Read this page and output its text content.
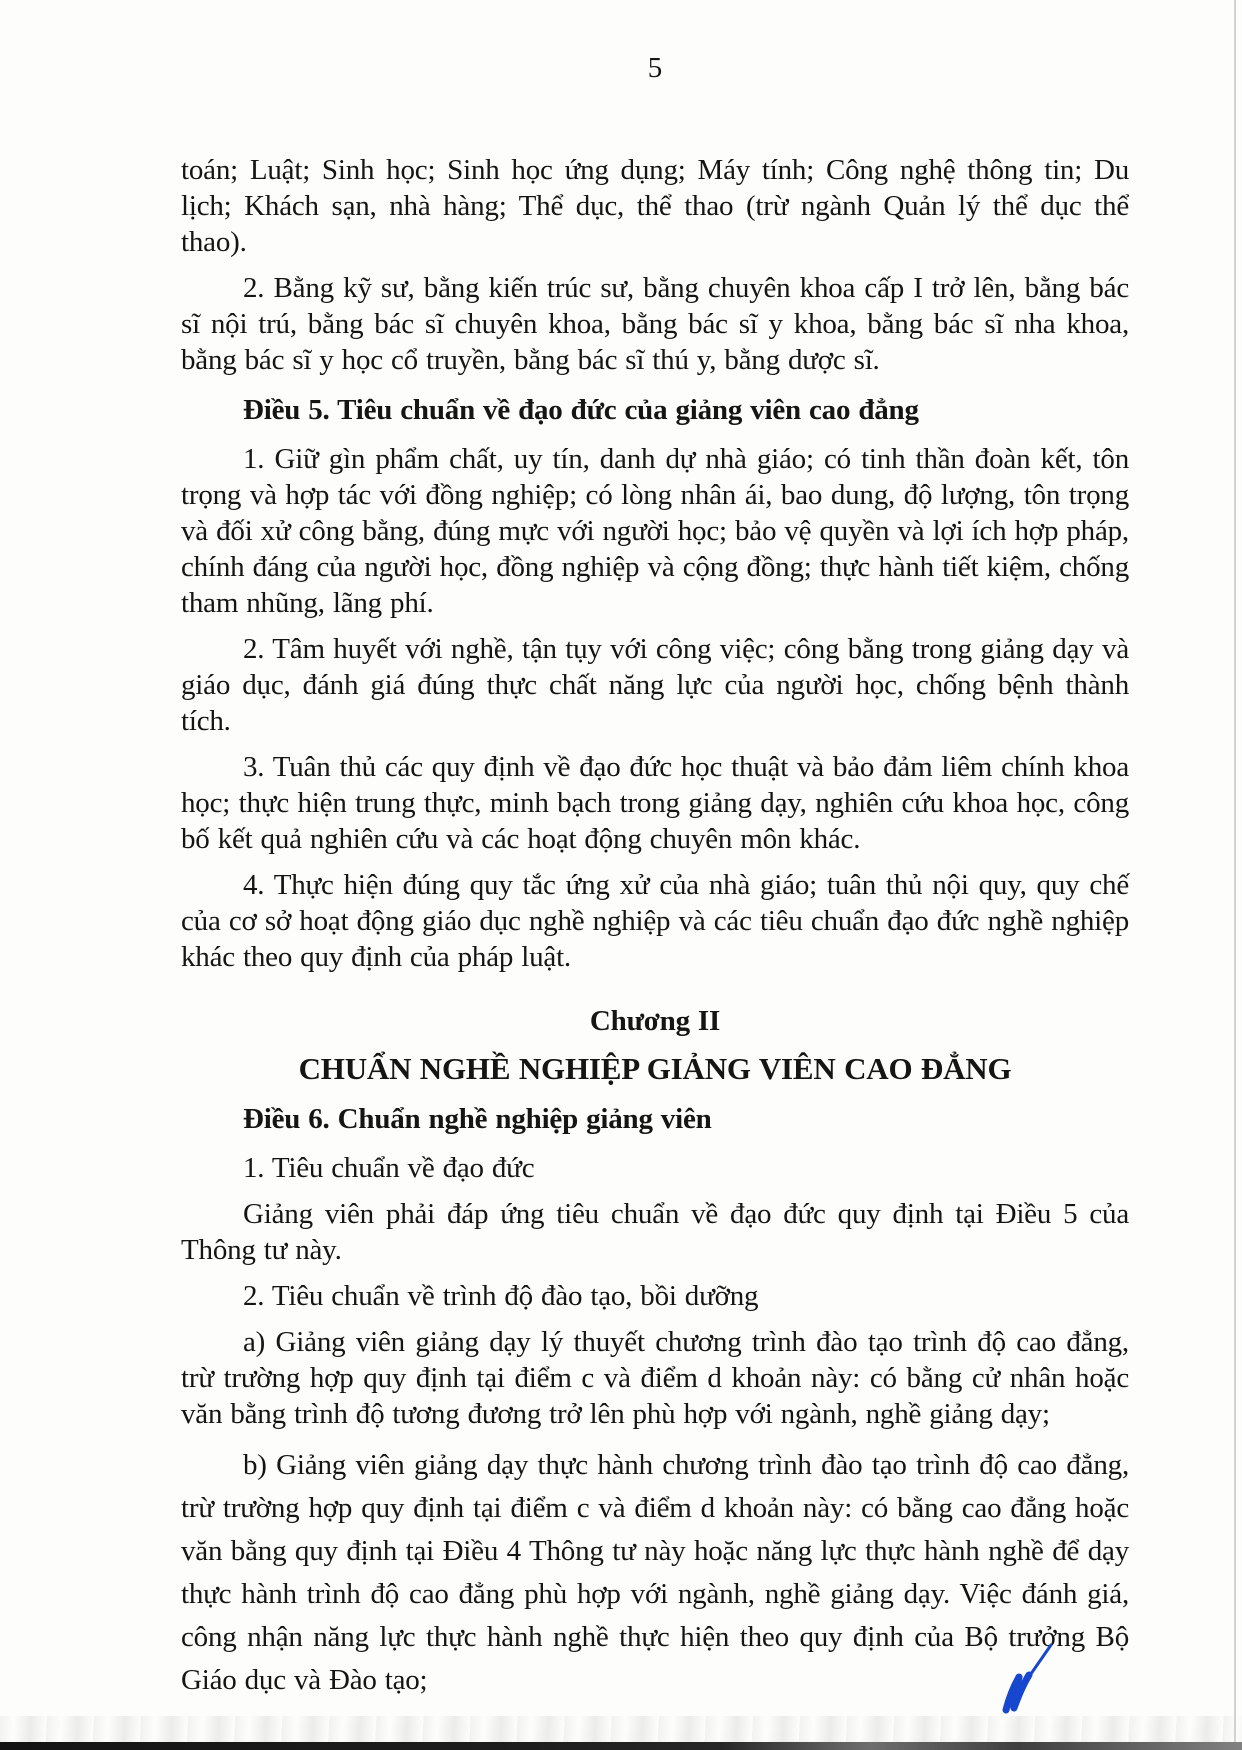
5

toán; Luật; Sinh học; Sinh học ứng dụng; Máy tính; Công nghệ thông tin; Du lịch; Khách sạn, nhà hàng; Thể dục, thể thao (trừ ngành Quản lý thể dục thể thao).

2. Bằng kỹ sư, bằng kiến trúc sư, bằng chuyên khoa cấp I trở lên, bằng bác sĩ nội trú, bằng bác sĩ chuyên khoa, bằng bác sĩ y khoa, bằng bác sĩ nha khoa, bằng bác sĩ y học cổ truyền, bằng bác sĩ thú y, bằng dược sĩ.

Điều 5. Tiêu chuẩn về đạo đức của giảng viên cao đẳng

1. Giữ gìn phẩm chất, uy tín, danh dự nhà giáo; có tinh thần đoàn kết, tôn trọng và hợp tác với đồng nghiệp; có lòng nhân ái, bao dung, độ lượng, tôn trọng và đối xử công bằng, đúng mực với người học; bảo vệ quyền và lợi ích hợp pháp, chính đáng của người học, đồng nghiệp và cộng đồng; thực hành tiết kiệm, chống tham nhũng, lãng phí.

2. Tâm huyết với nghề, tận tụy với công việc; công bằng trong giảng dạy và giáo dục, đánh giá đúng thực chất năng lực của người học, chống bệnh thành tích.

3. Tuân thủ các quy định về đạo đức học thuật và bảo đảm liêm chính khoa học; thực hiện trung thực, minh bạch trong giảng dạy, nghiên cứu khoa học, công bố kết quả nghiên cứu và các hoạt động chuyên môn khác.

4. Thực hiện đúng quy tắc ứng xử của nhà giáo; tuân thủ nội quy, quy chế của cơ sở hoạt động giáo dục nghề nghiệp và các tiêu chuẩn đạo đức nghề nghiệp khác theo quy định của pháp luật.

Chương II

CHUẨN NGHỀ NGHIỆP GIẢNG VIÊN CAO ĐẲNG

Điều 6. Chuẩn nghề nghiệp giảng viên

1. Tiêu chuẩn về đạo đức

Giảng viên phải đáp ứng tiêu chuẩn về đạo đức quy định tại Điều 5 của Thông tư này.

2. Tiêu chuẩn về trình độ đào tạo, bồi dưỡng

a) Giảng viên giảng dạy lý thuyết chương trình đào tạo trình độ cao đẳng, trừ trường hợp quy định tại điểm c và điểm d khoản này: có bằng cử nhân hoặc văn bằng trình độ tương đương trở lên phù hợp với ngành, nghề giảng dạy;

b) Giảng viên giảng dạy thực hành chương trình đào tạo trình độ cao đẳng, trừ trường hợp quy định tại điểm c và điểm d khoản này: có bằng cao đẳng hoặc văn bằng quy định tại Điều 4 Thông tư này hoặc năng lực thực hành nghề để dạy thực hành trình độ cao đẳng phù hợp với ngành, nghề giảng dạy. Việc đánh giá, công nhận năng lực thực hành nghề thực hiện theo quy định của Bộ trưởng Bộ Giáo dục và Đào tạo;
